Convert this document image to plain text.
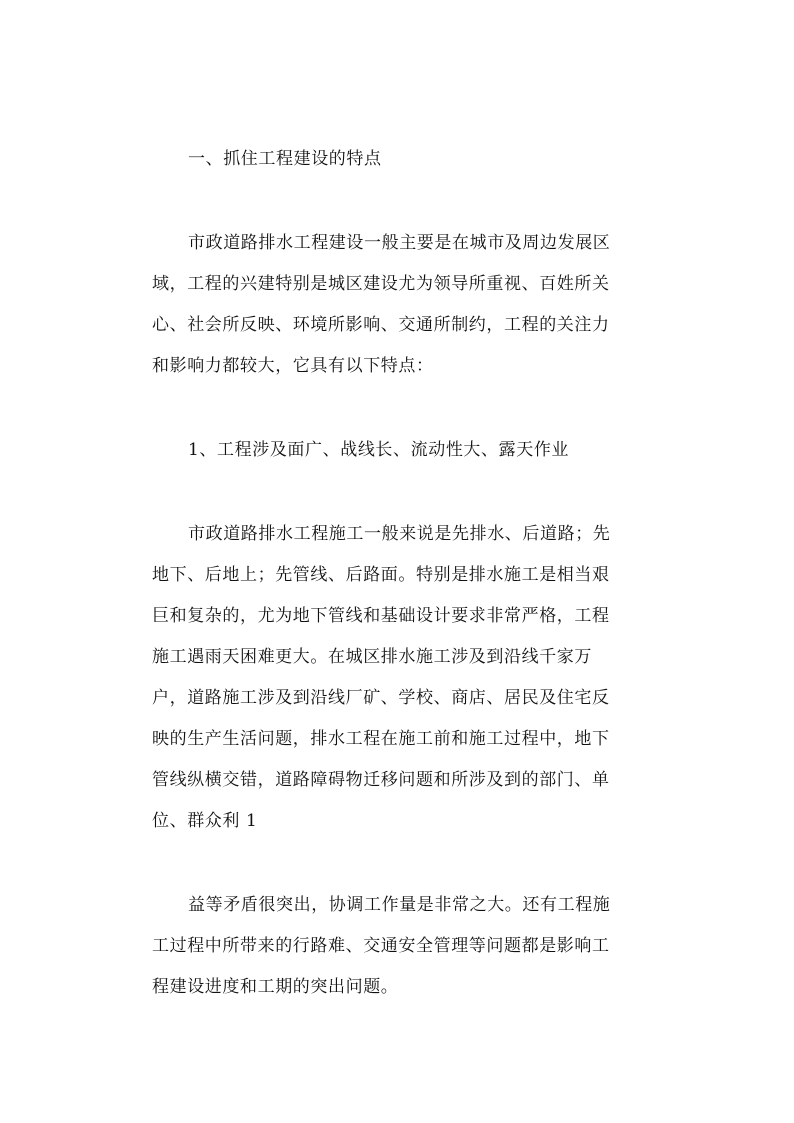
一、抓住工程建设的特点
市政道路排水工程建设一般主要是在城市及周边发展区
域，工程的兴建特别是城区建设尤为领导所重视、百姓所关
心、社会所反映、环境所影响、交通所制约，工程的关注力
和影响力都较大，它具有以下特点：
1、工程涉及面广、战线长、流动性大、露天作业
市政道路排水工程施工一般来说是先排水、后道路；先
地下、后地上；先管线、后路面。特别是排水施工是相当艰
巨和复杂的，尤为地下管线和基础设计要求非常严格，工程
施工遇雨天困难更大。在城区排水施工涉及到沿线千家万
户，道路施工涉及到沿线厂矿、学校、商店、居民及住宅反
映的生产生活问题，排水工程在施工前和施工过程中，地下
管线纵横交错，道路障碍物迁移问题和所涉及到的部门、单
位、群众利 1
益等矛盾很突出，协调工作量是非常之大。还有工程施
工过程中所带来的行路难、交通安全管理等问题都是影响工
程建设进度和工期的突出问题。
